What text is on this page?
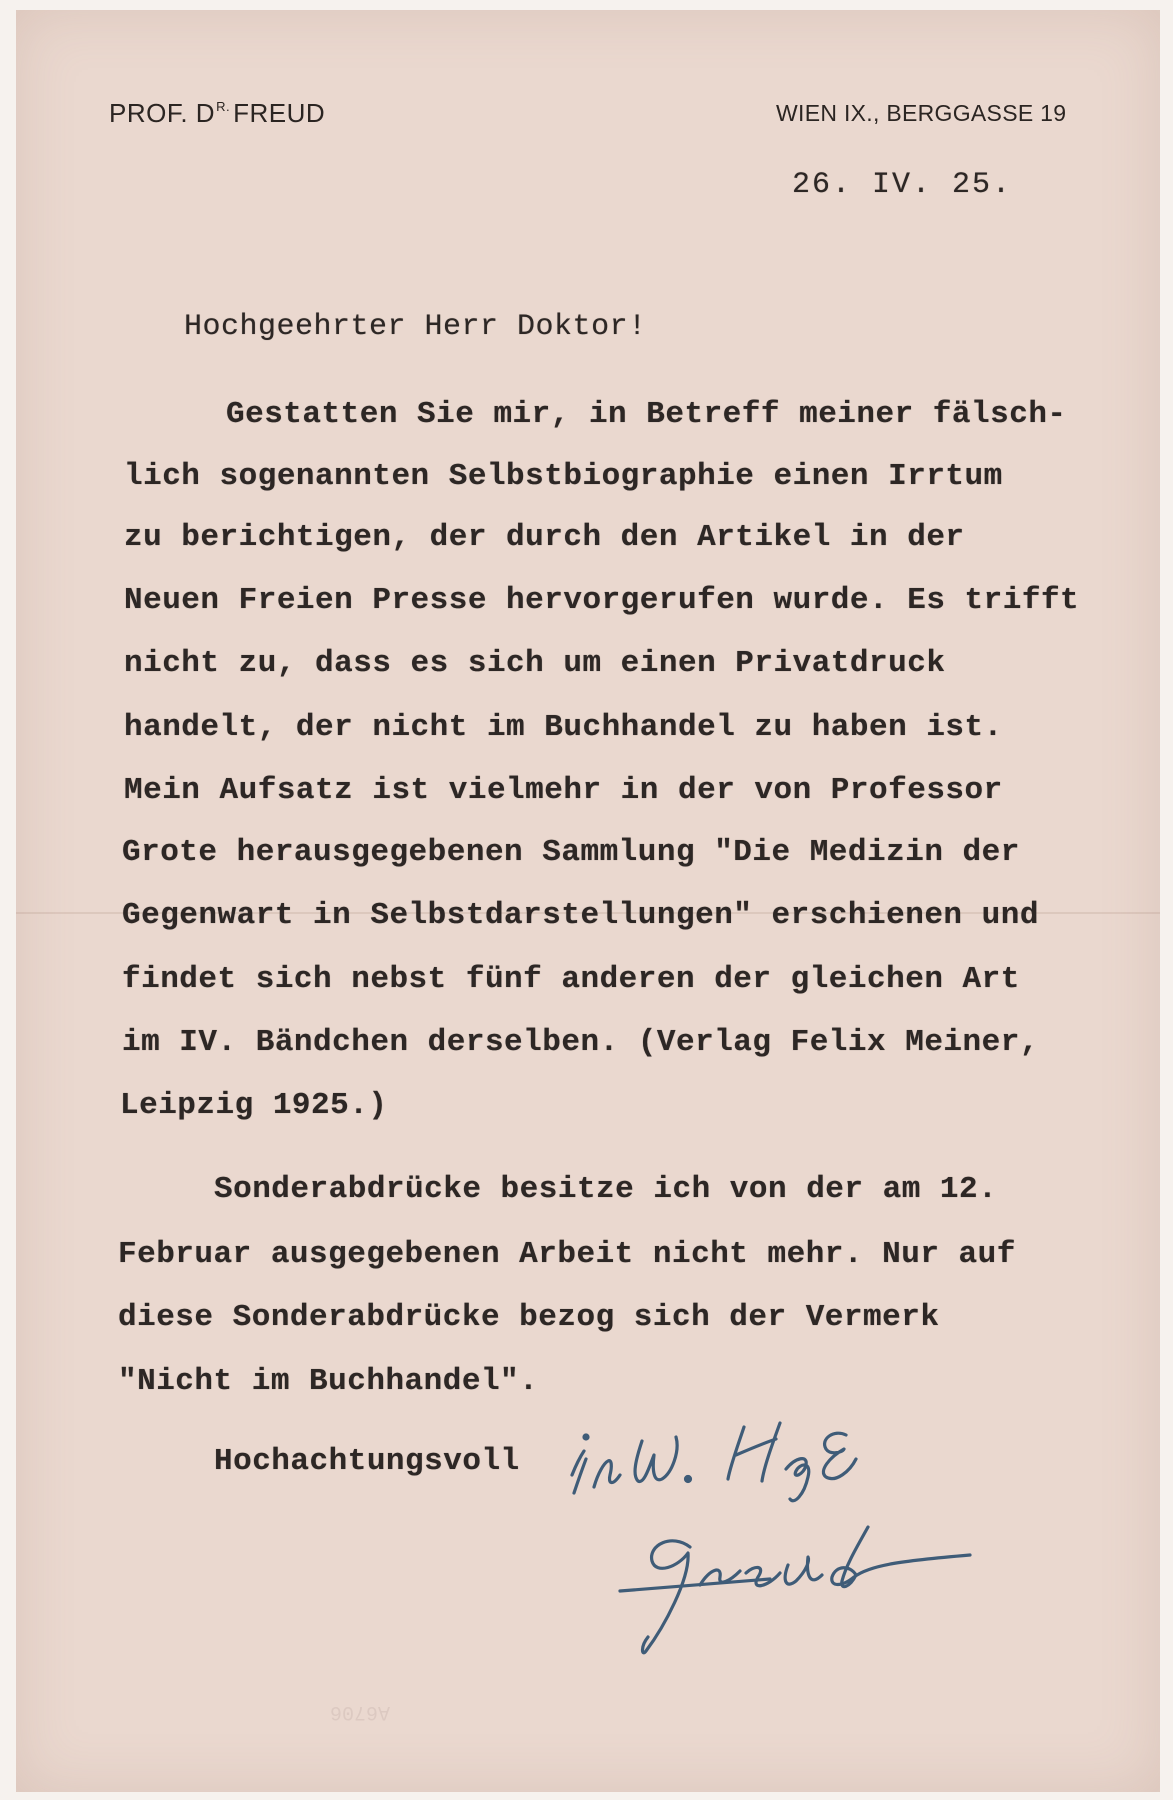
PROF. $D^{R.}$ FREUD	WIEN IX., BERGGASSE 19
26. IV. 25.
Hochgeehrter Herr Doktor!
Gestatten Sie mir, in Betreff meiner fälsch-
lich sogenannten Selbstbiographie einen Irrtum
zu berichtigen, der durch den Artikel in der
Neuen Freien Presse hervorgerufen wurde. Es trifft
nicht zu, dass es sich um einen Privatdruck
handelt, der nicht im Buchhandel zu haben ist.
Mein Aufsatz ist vielmehr in der von Professor
Grote herausgegebenen Sammlung "Die Medizin der
Gegenwart in Selbstdarstellungen" erschienen und
findet sich nebst fünf anderen der gleichen Art
im IV. Bändchen derselben. (Verlag Felix Meiner,
Leipzig 1925.)
Sonderabdrücke besitze ich von der am 12.
Februar ausgegebenen Arbeit nicht mehr. Nur auf
diese Sonderabdrücke bezog sich der Vermerk
"Nicht im Buchhandel".
Hochachtungsvoll
A6706
